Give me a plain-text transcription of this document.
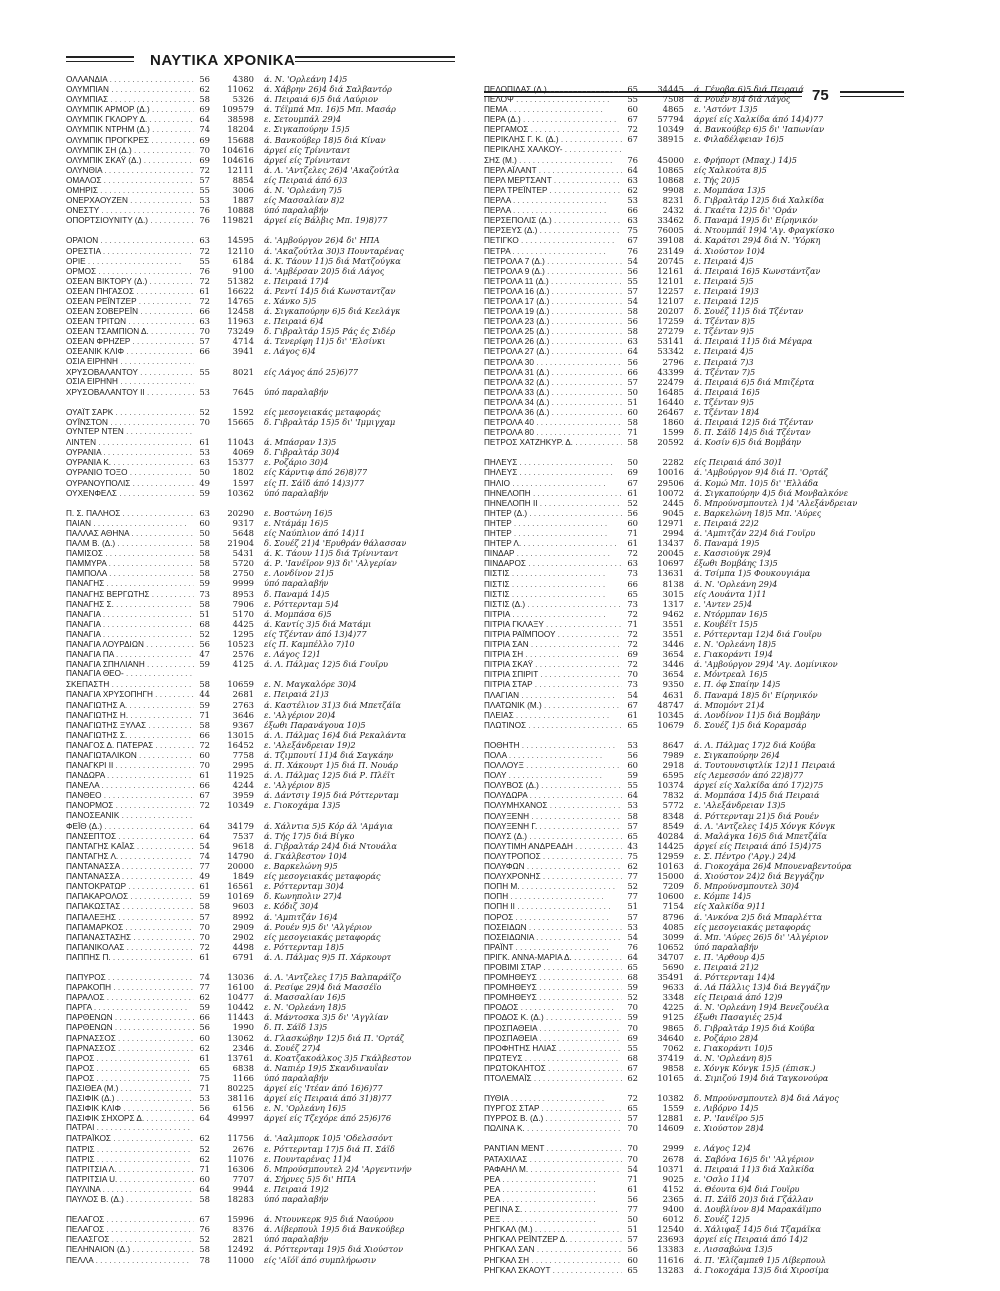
ΝΑΥΤΙΚΑ ΧΡΟΝΙΚΑ
75
ΟΛΛΑΝΔΙΑ . . .	56	4380	ά. Ν. 'Ορλεάνη 14)5
ΟΛΥΜΠΙΑΝ . . .	62	11062	ά. Χάβρην 26)4 διά Σαλβαντόρ
ΟΛΥΜΠΙΑΣ . . .	58	5326	ά. Πειραιά 6)5 διά Λαύριον
ΟΛΥΜΠΙΚ ΑΡΜΟΡ (Δ.) . . .	69	109579	ά. Τέϊμπά Μπ. 16)5 Μπ. Μασάρ
ΟΛΥΜΠΙΚ ΓΚΛΟΡΥ Δ. . . .	64	38598	ε. Σετουμπάλ 29)4
ΟΛΥΜΠΙΚ ΝΤΡΗΜ (Δ.) . . .	74	18204	ε. Σιγκαπούρην 15)5
ΟΛΥΜΠΙΚ ΠΡΟΓΚΡΕΣ . . .	69	15688	ά. Βανκούβερ 18)5 διά Κίναν
ΟΛΥΜΠΙΚ ΣΗ (Δ.) . . .	70	104616	άργεί είς Τρίνινταντ
ΟΛΥΜΠΙΚ ΣΚΑΫ (Δ.) . . .	69	104616	άργεί είς Τρίνινταντ
ΟΛΥΝΘΙΑ . . .	72	12111	ά. Λ. 'Αντζελες 26)4 'Ακαζούτλα
ΟΜΑΛΟΣ . . .	57	8854	είς Πειραιά άπό 6)3
ΟΜΗΡΙΣ . . .	55	3006	ά. Ν. 'Ορλεάνη 7)5
ΟΝΕΡΧΑΟΥΖΕΝ . . .	53	1887	είς Μασσαλίαν 8)2
ΟΝΕΣΤΥ . . .	76	10888	ύπό παραλαβήν
ΟΠΟΡΤΣΙΟΥΝΙΤΥ (Δ.) . . .	76	119821	άργεί είς Βάλβις Μπ. 19)8)77
ΟΡΑΊΟΝ . . .	63	14595	ά. 'Αμβούργον 26)4 δι' ΗΠΑ
ΟΡΕΣΤΙΑ . . .	72	12110	ά. 'Ακαζούτλα 30)3 Πουνταρένας
ΟΡΙΕ . . .	55	6184	ά. Κ. Τάουν 11)5 διά Ματζούγκα
ΟΡΜΟΣ . . .	76	9100	ά. 'Αμβέρσαν 20)5 διά Λάγος
ΟΣΕΑΝ ΒΙΚΤΟΡΥ (Δ.) . . .	72	51382	ε. Πειραιά 17)4
ΟΣΕΑΝ ΠΗΓΑΣΟΣ . . .	61	16622	ά. Ρεντί 14)5 διά Κωνσταντζαν
ΟΣΕΑΝ ΡΕΪΝΤΖΕΡ . . .	72	14765	ε. Χάνκο 5)5
ΟΣΕΑΝ ΣΟΒΕΡΕΪΝ . . .	66	12458	ά. Σιγκαπούρην 6)5 διά Κεελάγκ
ΟΣΕΑΝ ΤΡΙΤΩΝ . . .	63	11963	ε. Πειραιά 6)4
ΟΣΕΑΝ ΤΣΑΜΠΙΟΝ Δ. . . .	70	73249	δ. Γιβραλτάρ 15)5 Ράς ές Σιδέρ
ΟΣΕΑΝ ΦΡΗΖΕΡ . . .	57	4714	ά. Τενερίφη 11)5 δι' 'Ελσίνκι
ΟΣΕΑΝΙΚ ΚΛΙΦ . . .	66	3941	ε. Λάγος 6)4
ΟΣΙΑ ΕΙΡΗΝΗ . . .
ΧΡΥΣΟΒΑΛΑΝΤΟΥ . . .	55	8021	είς Λάγος άπό 25)6)77
ΟΣΙΑ ΕΙΡΗΝΗ . . .
ΧΡΥΣΟΒΑΛΑΝΤΟΥ ΙΙ . . .	53	7645	ύπό παραλαβήν
ΟΥΑΪΤ ΣΑΡΚ . . .	52	1592	είς μεσογειακάς μεταφοράς
ΟΥΪΝΣΤΟΝ . . .	70	15665	δ. Γιβραλτάρ 15)5 δι' 'Ιμμιγχαμ
ΟΥΝΤΕΡ ΝΤΕΝ . . .
ΛΙΝΤΕΝ . . .	61	11043	ά. Μπάσραν 13)5
ΟΥΡΑΝΙΑ . . .	53	4069	δ. Γιβραλτάρ 30)4
ΟΥΡΑΝΙΑ Κ. . . .	63	15377	ε. Ροζάριο 30)4
ΟΥΡΑΝΙΟ ΤΟΞΟ . . .	50	1802	είς Κάρντιφ άπό 26)8)77
ΟΥΡΑΝΟΥΠΟΛΙΣ . . .	49	1597	είς Π. Σάϊδ άπό 14)3)77
ΟΥΧΕΝΦΕΛΣ . . .	59	10362	ύπό παραλαβήν
Π. Σ. ΠΑΛΗΟΣ . . .	63	20290	ε. Βοστώνη 16)5
ΠΑΙΑΝ . . .	60	9317	ε. Ντάμάμ 16)5
ΠΑΛΛΑΣ ΑΘΗΝΑ . . .	50	5648	είς Ναύπλιον άπό 14)11
ΠΑΛΜ Β. (Δ.) . . .	58	21904	δ. Σουέζ 21)4 'Ερυθράν θάλασσαν
ΠΑΜΙΣΟΣ . . .	58	5431	ά. Κ. Τάουν 11)5 διά Τρίνινταντ
ΠΑΜΜΥΡΑ . . .	58	5720	ά. Ρ. 'Ιανέϊρον 9)3 δι' 'Αλγερίαν
ΠΑΜΠΟΛΑ . . .	58	2750	ε. Λονδίνον 21)5
ΠΑΝΑΓΗΣ . . .	59	9999	ύπό παραλαβήν
ΠΑΝΑΓΗΣ ΒΕΡΓΩΤΗΣ . . .	73	8953	δ. Παναμά 14)5
ΠΑΝΑΓΗΣ Σ. . . .	58	7906	ε. Ρόττερνταμ 5)4
ΠΑΝΑΓΙΑ . . .	51	5170	ά. Μομπάσα 6)5
ΠΑΝΑΓΙΑ . . .	68	4425	ά. Καντίς 3)5 διά Ματάμι
ΠΑΝΑΓΙΑ . . .	52	1295	είς Τζένταν άπό 13)4)77
ΠΑΝΑΓΙΑ ΛΟΥΡΔΙΩΝ . . .	56	10523	είς Π. Καμπέλλο 7)10
ΠΑΝΑΓΙΑ ΠΑ . . .	47	2576	ε. Λάγος 12)1
ΠΑΝΑΓΙΑ ΣΠΗΛΙΑΝΗ . . .	59	4125	ά. Λ. Πάλμας 12)5 διά Γουϊρυ
ΠΑΝΑΓΙΑ ΘΕΟ- . . .
ΣΚΕΠΑΣΤΗ . . .	58	10659	ε. Ν. Μαγκαλόρε 30)4
ΠΑΝΑΓΙΑ ΧΡΥΣΟΠΗΓΗ . . .	44	2681	ε. Πειραιά 21)3
ΠΑΝΑΓΙΩΤΗΣ Α. . . .	59	2763	ά. Καστέλιον 31)3 διά Μπετζάϊα
ΠΑΝΑΓΙΩΤΗΣ Η. . . .	71	3646	ε. 'Αλγέριον 20)4
ΠΑΝΑΓΙΩΤΗΣ ΞΥΛΑΣ . . .	58	9367	έξωθι Παρανάγουα 10)5
ΠΑΝΑΓΙΩΤΗΣ Σ. . . .	66	13015	ά. Λ. Πάλμας 16)4 διά Ρεκαλάντα
ΠΑΝΑΓΟΣ Δ. ΠΑΤΕΡΑΣ . . .	72	16452	ε. 'Αλεξάνδρειαν 19)2
ΠΑΝΑΓΙΩΤΑΛΙΚΟΝ . . .	60	7758	ά. Τζιμπουτί 11)4 διά Σαγκάην
ΠΑΝΑΓΚΡΙ ΙΙ . . .	70	2995	ά. Π. Χάκουρτ 1)5 διά Π. Νουάρ
ΠΑΝΔΩΡΑ . . .	61	11925	ά. Λ. Πάλμας 12)5 διά Ρ. Πλέϊτ
ΠΑΝΕΛΑ . . .	66	4244	ε. 'Αλγέριον 8)5
ΠΑΝΘΕΟ . . .	67	3959	ά. Δάντσιγ 19)5 διά Ρόττερνταμ
ΠΑΝΟΡΜΟΣ . . .	72	10349	ε. Γιοκοχάμα 13)5
ΠΑΝΟΣΕΑΝΙΚ . . .
ΦΕΪΘ (Δ.) . . .	64	34179	ά. Χάλντια 5)5 Κόρ άλ 'Αμάγια
ΠΑΝΣΕΠΤΟΣ . . .	64	7537	ά. Τής 17)5 διά Βίγκο
ΠΑΝΤΑΓΗΣ ΚΑΪΑΣ . . .	54	9618	ά. Γιβραλτάρ 24)4 διά Ντουάλα
ΠΑΝΤΑΓΗΣ Λ. . . .	74	14790	ά. Γκάλβεστον 10)4
ΠΑΝΤΑΝΑΣΣΑ . . .	77	20000	ε. Βαρκελώνη 9)5
ΠΑΝΤΑΝΑΣΣΑ . . .	49	1849	είς μεσογειακάς μεταφοράς
ΠΑΝΤΟΚΡΑΤΩΡ . . .	61	16561	ε. Ρόττερνταμ 30)4
ΠΑΠΑΚΑΡΟΛΟΣ . . .	59	10169	δ. Κωνηπολιν 27)4
ΠΑΠΑΚΩΣΤΑΣ . . .	58	9603	ε. Κόδιζ 30)4
ΠΑΠΑΛΕΞΗΣ . . .	57	8992	ά. 'Αμπιτζάν 16)4
ΠΑΠΑΜΑΡΚΟΣ . . .	70	2909	ά. Ρουέν 9)5 δι' 'Αλγέριον
ΠΑΠΑΝΑΣΤΑΣΗΣ . . .	70	2902	είς μεσογειακάς μεταφοράς
ΠΑΠΑΝΙΚΟΛΑΣ . . .	72	4498	ε. Ρόττερνταμ 18)5
ΠΑΠΠΗΣ Π. . . .	61	6791	ά. Λ. Πάλμας 9)5 Π. Χάρκουρτ
ΠΑΠΥΡΟΣ . . .	74	13036	ά. Λ. 'Αντζελες 17)5 Βαλπαράϊζο
ΠΑΡΑΚΟΠΗ . . .	77	16100	ά. Ρεσίφε 29)4 διά Μασσέϊο
ΠΑΡΑΛΟΣ . . .	62	10477	ά. Μασσαλίαν 16)5
ΠΑΡΓΑ . . .	59	10442	ε. Ν. 'Ορλεάνη 18)5
ΠΑΡΘΕΝΩΝ . . .	66	11443	ά. Μάντοσκα 3)5 δι' 'Αγγλίαν
ΠΑΡΘΕΝΩΝ . . .	56	1990	δ. Π. Σάϊδ 13)5
ΠΑΡΝΑΣΣΟΣ . . .	60	13062	ά. Γλασκώβην 12)5 διά Π. 'Ορτάζ
ΠΑΡΝΑΣΣΟΣ . . .	62	2346	ά. Σουέζ 27)4
ΠΑΡΟΣ . . .	61	13761	ά. Κοατζακοάλκος 3)5 Γκάλβεστον
ΠΑΡΟΣ . . .	65	6838	ά. Ναπιέρ 19)5 Σκανδιναυΐαν
ΠΑΡΟΣ . . .	75	1166	ύπό παραλαβήν
ΠΑΣΙΘΕΑ (Μ.) . . .	71	80225	άργεί είς 'Ιτέαν άπό 16)6)77
ΠΑΣΙΦΙΚ (Δ.) . . .	53	38116	άργεί είς Πειραιά άπό 31)8)77
ΠΑΣΙΦΙΚ ΚΛΙΦ . . .	56	6156	ε. Ν. 'Ορλεάνη 16)5
ΠΑΣΙΦΙΚ ΣΗΧΟΡΣ Δ. . . .	64	49997	άργεί είς Τζεχόρε άπό 25)6)76
ΠΑΤΡΑΙ . . .
ΠΑΤΡΑΪΚΟΣ . . .	62	11756	ά. 'Ααλμπορκ 10)5 'Οδελσσόντ
ΠΑΤΡΙΣ . . .	52	2676	ε. Ρόττερνταμ 17)5 διά Π. Σάϊδ
ΠΑΤΡΙΣ . . .	62	11076	ε. Πουνταρένας 11)4
ΠΑΤΡΙΤΣΙΑ Λ. . . .	71	16306	δ. Μπρούσμπουτελ 2)4 'Αργεντινήν
ΠΑΤΡΙΤΣΙΑ U. . . .	60	7707	ά. Σήρνες 5)5 δι' ΗΠΑ
ΠΑΥΛΙΝΑ . . .	64	9944	ε. Πειραιά 19)2
ΠΑΥΛΟΣ Β. (Δ.) . . .	58	18283	ύπό παραλαβήν
ΠΕΛΑΓΟΣ . . .	67	15996	ά. Ντουνκερκ 9)5 διά Ναούρου
ΠΕΛΑΓΟΣ . . .	76	8376	ά. Λίβερπουλ 19)5 διά Βανκούβερ
ΠΕΛΑΣΓΟΣ . . .	52	2821	ύπό παραλαβήν
ΠΕΛΗΝΑΙΟΝ (Δ.) . . .	58	12492	ά. Ρόττερνταμ 19)5 διά Χιούστον
ΠΕΛΛΑ . . .	78	11000	είς 'Αϊόϊ άπό συμπλήρωσιν
ΠΕΛΟΠΙΔΑΣ (Δ.) . . .	65	34445	ά. Γένοβα 6)5 διά Πειραιά
ΠΕΛΟΨ . . .	55	7508	ά. Ρουέν 8)4 διά Λάγος
ΠΕΜΑ . . .	60	4865	ε. 'Αστόντ 13)5
ΠΕΡΑ (Δ.) . . .	67	57794	άργεί είς Χαλκίδα άπό 14)4)77
ΠΕΡΓΑΜΟΣ . . .	72	10349	ά. Βανκούβερ 6)5 δι' 'Ιαπωνίαν
ΠΕΡΙΚΛΗΣ Γ. Κ. (Δ.) . . .	67	38915	ε. Φιλαδέλφειαν 16)5
ΠΕΡΙΚΛΗΣ ΧΑΛΚΟΥ- . . .
ΣΗΣ (Μ.) . . .	76	45000	ε. Φρήπορτ (Μπαχ.) 14)5
ΠΕΡΛ ΑΪΛΑΝΤ . . .	64	10865	είς Χαλκούτα 8)5
ΠΕΡΛ ΜΕΡΤΣΑΝΤ . . .	63	10868	ε. Τής 20)5
ΠΕΡΛ ΤΡΕΪΝΤΕΡ . . .	62	9908	ε. Μομπάσα 13)5
ΠΕΡΛΑ . . .	53	8231	δ. Γιβραλτάρ 12)5 διά Χαλκίδα
ΠΕΡΛΑ . . .	66	2432	ά. Γκαέτα 12)5 δι' 'Οράν
ΠΕΡΣΕΠΟΛΙΣ (Δ.) . . .	63	33462	δ. Παναμά 19)5 δι' Είρηνικόν
ΠΕΡΣΕΥΣ (Δ.) . . .	75	76005	ά. Ντουμπάϊ 19)4 'Αγ. Φραγκίσκο
ΠΕΤΙΓΚΟ . . .	67	39108	ά. Καράτσι 29)4 διά Ν. 'Υόρκη
ΠΕΤΡΑ . . .	76	23149	ά. Χιούστον 10)4
ΠΕΤΡΟΛΑ 7 (Δ.) . . .	54	20745	ε. Πειραιά 4)5
ΠΕΤΡΟΛΑ 9 (Δ.) . . .	56	12161	ά. Πειραιά 16)5 Κωνστάντζαν
ΠΕΤΡΟΛΑ 11 (Δ.) . . .	55	12101	ε. Πειραιά 5)5
ΠΕΤΡΟΛΑ 16 (Δ.) . . .	57	12257	ε. Πειραιά 19)3
ΠΕΤΡΟΛΑ 17 (Δ.) . . .	54	12107	ε. Πειραιά 12)5
ΠΕΤΡΟΛΑ 19 (Δ.) . . .	58	20207	δ. Σουέζ 11)5 διά Τζένταν
ΠΕΤΡΟΛΑ 23 (Δ.) . . .	56	17259	ά. Τζένταν 8)5
ΠΕΤΡΟΛΑ 25 (Δ.) . . .	58	27279	ε. Τζένταν 9)5
ΠΕΤΡΟΛΑ 26 (Δ.) . . .	63	53141	ά. Πειραιά 11)5 διά Μέγαρα
ΠΕΤΡΟΛΑ 27 (Δ.) . . .	64	53342	ε. Πειραιά 4)5
ΠΕΤΡΟΛΑ 30 . . .	56	2796	ε. Πειραιά 7)3
ΠΕΤΡΟΛΑ 31 (Δ.) . . .	66	43399	ά. Τζένταν 7)5
ΠΕΤΡΟΛΑ 32 (Δ.) . . .	57	22479	ά. Πειραιά 6)5 διά Μπιζέρτα
ΠΕΤΡΟΛΑ 33 (Δ.) . . .	50	16485	ά. Πειραιά 16)5
ΠΕΤΡΟΛΑ 34 (Δ.) . . .	51	16440	ε. Τζένταν 9)5
ΠΕΤΡΟΛΑ 36 (Δ.) . . .	60	26467	ε. Τζένταν 18)4
ΠΕΤΡΟΛΑ 40 . . .	58	1860	ά. Πειραιά 12)5 διά Τζένταν
ΠΕΤΡΟΛΑ 80 . . .	71	1599	δ. Π. Σάϊδ 14)5 διά Τζένταν
ΠΕΤΡΟΣ ΧΑΤΖΗΚΥΡ. Δ. . . .	58	20592	ά. Κοσίν 6)5 διά Βομβάην
ΠΗΛΕΥΣ . . .	50	2282	είς Πειραιά άπό 30)1
ΠΗΛΕΥΣ . . .	69	10016	ά. 'Αμβούργον 9)4 διά Π. 'Ορτάζ
ΠΗΛΙΟ . . .	67	29506	ά. Κομώ Μπ. 10)5 δι' 'Ελλάδα
ΠΗΝΕΛΟΠΗ . . .	61	10072	ά. Σιγκαπούρην 4)5 διά Μονβαλκόνε
ΠΗΝΕΛΟΠΗ ΙΙ . . .	52	2445	δ. Μπρούνσμπουτελ 1)4 'Αλεξάνδρειαν
ΠΗΤΕΡ (Δ.) . . .	56	9045	ε. Βαρκελώνη 18)5 Μπ. 'Αύρες
ΠΗΤΕΡ . . .	60	12971	ε. Πειραιά 22)2
ΠΗΤΕΡ . . .	71	2994	ά. 'Αμπιτζάν 22)4 διά Γουϊρυ
ΠΗΤΕΡ Λ. . . .	61	13437	δ. Παναμά 19)5
ΠΙΝΔΑΡ . . .	72	20045	ε. Κασσιούγκ 29)4
ΠΙΝΔΑΡΟΣ . . .	63	10697	έξωθι Βομβάης 13)5
ΠΙΣΤΙΣ . . .	73	13631	ά. Τσίμπα 1)5 Φουκουγιάμα
ΠΙΣΤΙΣ . . .	66	8138	ά. Ν. 'Ορλεάνη 29)4
ΠΙΣΤΙΣ . . .	65	3015	είς Λουάντα 1)11
ΠΙΣΤΙΣ (Δ.) . . .	73	1317	ε. 'Αντεν 25)4
ΠΙΤΡΙΑ . . .	72	9462	ε. Ντόρμπαν 16)5
ΠΙΤΡΙΑ ΓΚΛΑΞΥ . . .	71	3551	ε. Κουβέϊτ 15)5
ΠΙΤΡΙΑ ΡΑΪΜΠΟΟΥ . . .	72	3551	ε. Ρόττερνταμ 12)4 διά Γουϊρυ
ΠΙΤΡΙΑ ΣΑΝ . . .	72	3446	ε. Ν. 'Ορλεάνη 18)5
ΠΙΤΡΙΑ ΣΗ . . .	69	3654	ε. Γιακοράντι 19)4
ΠΙΤΡΙΑ ΣΚΑΫ . . .	72	3446	ά. 'Αμβούργον 29)4 'Αγ. Δομίνικον
ΠΙΤΡΙΑ ΣΠΙΡΙΤ . . .	70	3654	ε. Μόντρεαλ 16)5
ΠΙΤΡΙΑ ΣΤΑΡ . . .	73	9350	ε. Π. όφ Σπαίην 14)5
ΠΛΑΓΙΑΝ . . .	54	4631	δ. Παναμά 18)5 δι' Είρηνικόν
ΠΛΑΤΩΝΙΚ (Μ.) . . .	67	48747	ά. Μπομόντ 21)4
ΠΛΕΙΑΣ . . .	61	10345	ά. Λονδίνον 11)5 διά Βομβάην
ΠΛΩΤΙΝΟΣ . . .	65	10679	δ. Σουέζ 1)5 διά Κοραμσάρ
ΠΟΘΗΤΗ . . .	53	8647	ά. Λ. Πάλμας 17)2 διά Κούβα
ΠΟΛΑ . . .	56	7989	ε. Σιγκαπούρην 26)4
ΠΟΛΛΟΥΞ . . .	60	2918	ά. Τουτουνσιφτλίκ 12)11 Πειραιά
ΠΟΛΥ . . .	59	6595	είς Λεμεσσόν άπό 22)8)77
ΠΟΛΥΒΟΣ (Δ.) . . .	55	10374	άργεί είς Χαλκίδα άπό 17)2)75
ΠΟΛΥΔΩΡΑ . . .	64	7832	ά. Μομπάσα 14)5 διά Πειραιά
ΠΟΛΥΜΗΧΑΝΟΣ . . .	53	5772	ε. 'Αλεξάνδρειαν 13)5
ΠΟΛΥΞΕΝΗ . . .	58	8348	ά. Ρόττερνταμ 21)5 διά Ρουέν
ΠΟΛΥΞΕΝΗ Γ. . . .	57	8549	ά. Λ. 'Αντζελες 14)5 Χόνγκ Κόνγκ
ΠΟΛΥΣ (Δ.) . . .	65	40284	ά. Μαλάγκα 16)5 διά Μπετζάϊα
ΠΟΛΥΤΙΜΗ ΑΝΔΡΕΑΔΗ . . .	43	14425	άργεί είς Πειραιά άπό 15)4)75
ΠΟΛΥΤΡΟΠΟΣ . . .	75	12959	ε. Σ. Πέντρο ('Αργ.) 24)4
ΠΟΛΥΦΩΝ . . .	62	10163	ά. Γιοκοχάμα 26)4 Μπουεναβεντούρα
ΠΟΛΥΧΡΟΝΗΣ . . .	77	15000	ά. Χιούστον 24)2 διά Βεγγάζην
ΠΟΠΗ Μ. . . .	52	7209	δ. Μπρούνσμπουτελ 30)4
ΠΟΠΗ . . .	77	10600	ε. Κόμπε 14)5
ΠΟΠΗ ΙΙ . . .	51	7154	είς Χαλκίδα 9)11
ΠΟΡΟΣ . . .	57	8796	ά. 'Ανκόνα 2)5 διά Μπαρλέττα
ΠΟΣΕΙΔΩΝ . . .	53	4085	είς μεσογειακάς μεταφοράς
ΠΟΣΕΙΔΩΝΙΑ . . .	54	3099	ά. Μπ. 'Αύρες 26)5 δι' 'Αλγέριον
ΠΡΑΪΝΤ . . .	76	10652	ύπό παραλαβήν
ΠΡΙΓΚ. ΑΝΝΑ-ΜΑΡΙΑ Δ. . . .	64	34707	ε. Π. 'Αρθουρ 4)5
ΠΡΟΒΙΜΙ ΣΤΑΡ . . .	65	5690	ε. Πειραιά 21)2
ΠΡΟΜΗΘΕΥΣ . . .	68	35491	ά. Ρόττερνταμ 14)4
ΠΡΟΜΗΘΕΥΣ . . .	59	9633	ά. Λά Πάλλις 13)4 διά Βεγγάζην
ΠΡΟΜΗΘΕΥΣ . . .	52	3348	είς Πειραιά άπό 12)9
ΠΡΟΔΟΣ . . .	70	4225	ά. Ν. 'Ορλεάνη 19)4 Βενεζουέλα
ΠΡΟΔΟΣ Κ. (Δ.) . . .	59	9125	έξωθι Πασαγιές 25)4
ΠΡΟΣΠΑΘΕΙΑ . . .	70	9865	δ. Γιβραλτάρ 19)5 διά Κούβα
ΠΡΟΣΠΑΘΕΙΑ . . .	69	34640	ε. Ροζάριο 28)4
ΠΡΟΦΗΤΗΣ ΗΛΙΑΣ . . .	55	7062	ε. Γιακοράντι 10)5
ΠΡΩΤΕΥΣ . . .	68	37419	ά. Ν. 'Ορλεάνη 8)5
ΠΡΩΤΟΚΛΗΤΟΣ . . .	67	9858	ε. Χόνγκ Κόνγκ 15)5 (έπισκ.)
ΠΤΟΛΕΜΑΪΣ . . .	62	10165	ά. Σιμιζού 19)4 διά Ταγκονούρα
ΠΥΘΙΑ . . .	72	10382	δ. Μπρούνσμπουτελ 8)4 διά Λάγος
ΠΥΡΓΟΣ ΣΤΑΡ . . .	65	1559	ε. Λιβόρνο 14)5
ΠΥΡΡΟΣ Β. (Δ.) . . .	57	12881	ε. Ρ. 'Ιανέϊρο 5)5
ΠΩΛΙΝΑ Κ. . . .	70	14609	ε. Χιούστον 28)4
ΡΑΝΤΙΑΝ ΜΕΝΤ . . .	70	2999	ε. Λάγος 12)4
ΡΑΤΑΧΙΛΑΣ . . .	70	2678	ά. Σαβόνα 16)5 δι' 'Αλγέριον
ΡΑΦΑΗΛ Μ. . . .	54	10371	ά. Πειραιά 11)3 διά Χαλκίδα
ΡΕΑ . . .	71	9025	ε. 'Οσλο 11)4
ΡΕΑ . . .	61	4152	ά. Θέουτα 6)4 διά Γουϊρυ
ΡΕΑ . . .	56	2365	ά. Π. Σάϊδ 20)3 διά Γζάλλαν
ΡΕΓΙΝΑ Σ. . . .	77	9400	ά. Δουβλίνον 8)4 Μαρακάϊμπο
ΡΕΞ . . .	50	6012	δ. Σουέζ 12)5
ΡΗΓΚΑΛ (Μ.) . . .	51	12540	ά. Χάλιφαξ 14)5 διά Τζαμάϊκα
ΡΗΓΚΑΛ ΡΕΪΝΤΖΕΡ Δ. . . .	57	23693	άργεί είς Πειραιά άπό 14)2
ΡΗΓΚΑΛ ΣΑΝ . . .	56	13383	ε. Λισσαβώνα 13)5
ΡΗΓΚΑΛ ΣΗ . . .	60	11616	ά. Π. 'Ελίζαμπεθ 1)5 Λίβερπουλ
ΡΗΓΚΑΛ ΣΚΑΟΥΤ . . .	65	13283	ά. Γιοκοχάμα 13)5 διά Χιροσίμα
